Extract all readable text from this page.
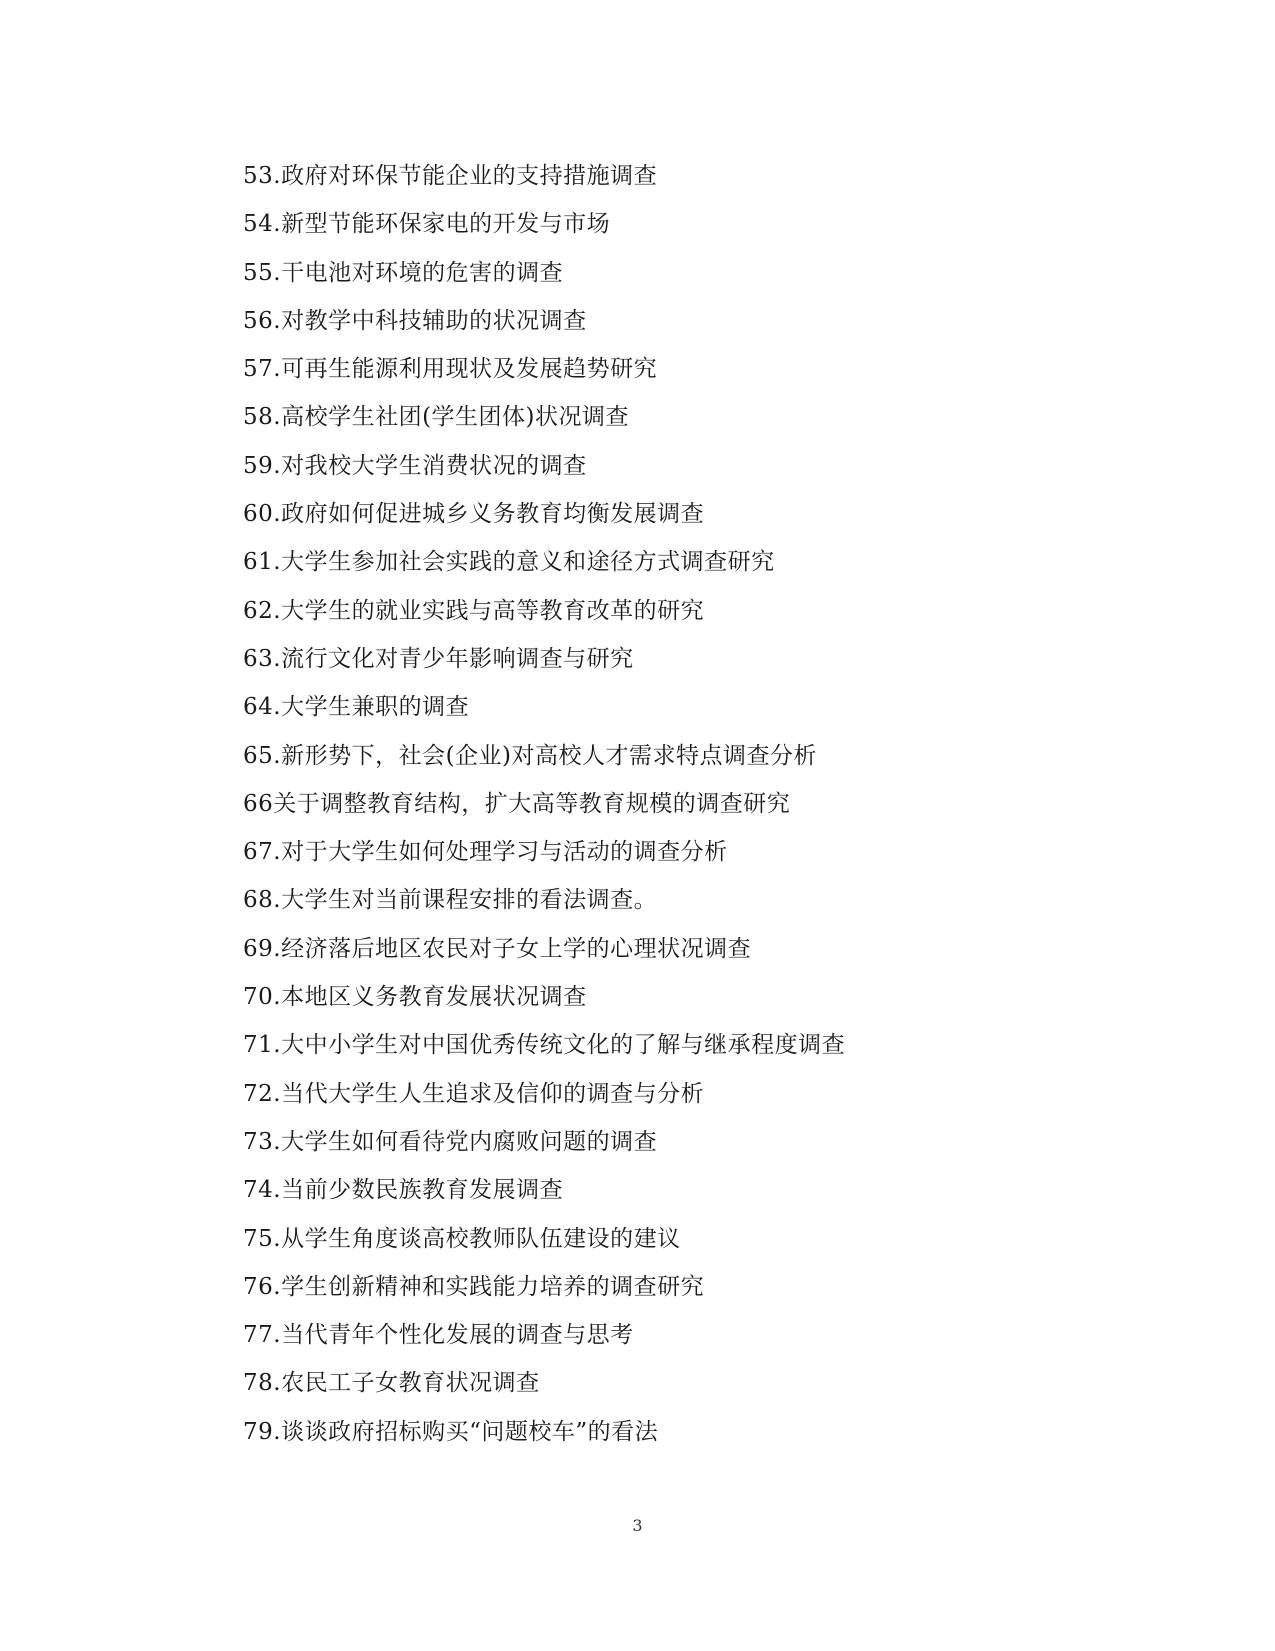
53.政府对环保节能企业的支持措施调查
54.新型节能环保家电的开发与市场
55.干电池对环境的危害的调查
56.对教学中科技辅助的状况调查
57.可再生能源利用现状及发展趋势研究
58.高校学生社团(学生团体)状况调查
59.对我校大学生消费状况的调查
60.政府如何促进城乡义务教育均衡发展调查
61.大学生参加社会实践的意义和途径方式调查研究
62.大学生的就业实践与高等教育改革的研究
63.流行文化对青少年影响调查与研究
64.大学生兼职的调查
65.新形势下，社会(企业)对高校人才需求特点调查分析
66关于调整教育结构，扩大高等教育规模的调查研究
67.对于大学生如何处理学习与活动的调查分析
68.大学生对当前课程安排的看法调查。
69.经济落后地区农民对子女上学的心理状况调查
70.本地区义务教育发展状况调查
71.大中小学生对中国优秀传统文化的了解与继承程度调查
72.当代大学生人生追求及信仰的调查与分析
73.大学生如何看待党内腐败问题的调查
74.当前少数民族教育发展调查
75.从学生角度谈高校教师队伍建设的建议
76.学生创新精神和实践能力培养的调查研究
77.当代青年个性化发展的调查与思考
78.农民工子女教育状况调查
79.谈谈政府招标购买“问题校车”的看法
3
